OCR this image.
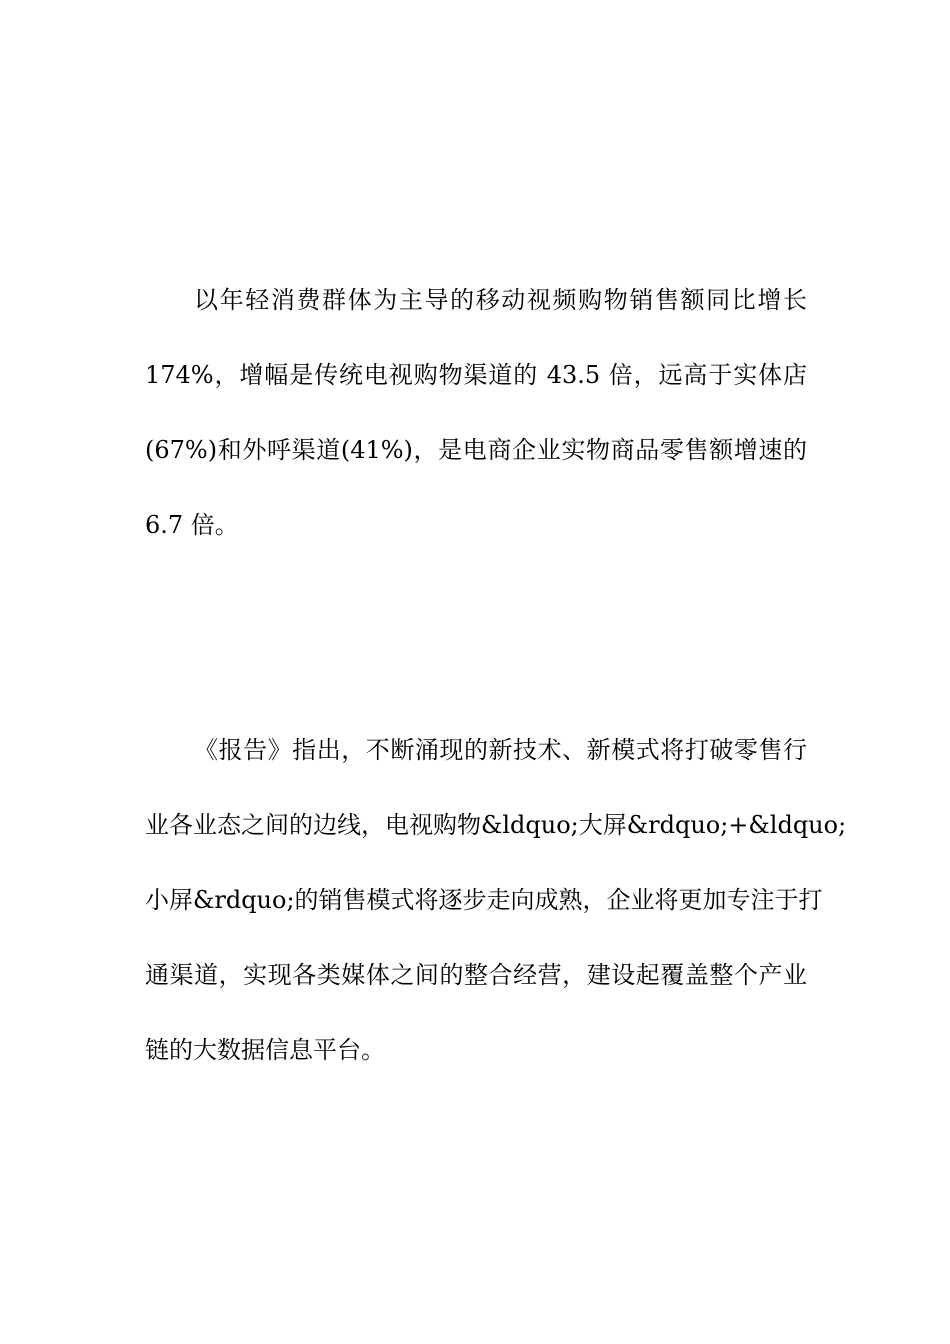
以年轻消费群体为主导的移动视频购物销售额同比增长
174%，增幅是传统电视购物渠道的 43.5 倍，远高于实体店
(67%)和外呼渠道(41%)，是电商企业实物商品零售额增速的
6.7 倍。
《报告》指出，不断涌现的新技术、新模式将打破零售行
业各业态之间的边线，电视购物&ldquo;大屏&rdquo;+&ldquo;
小屏&rdquo;的销售模式将逐步走向成熟，企业将更加专注于打
通渠道，实现各类媒体之间的整合经营，建设起覆盖整个产业
链的大数据信息平台。
